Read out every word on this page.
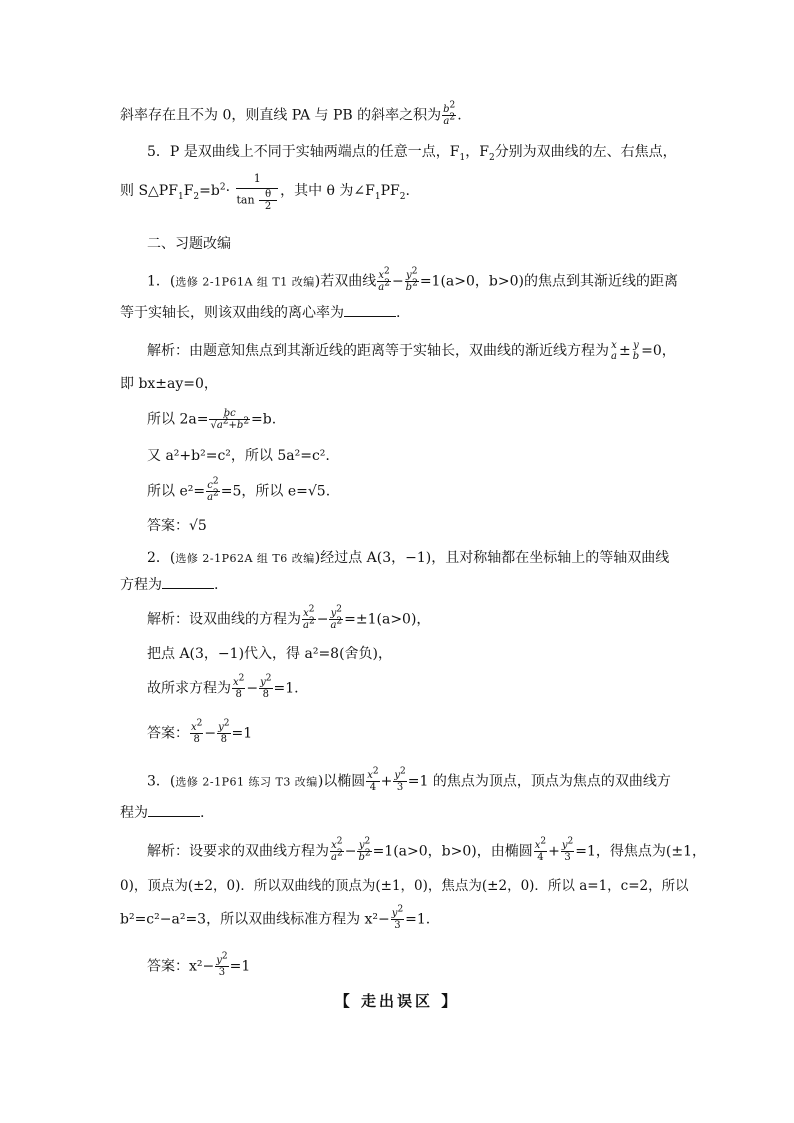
斜率存在且不为 0，则直线 PA 与 PB 的斜率之积为 $\frac{b^2}{a^2}$ .
5．P 是双曲线上不同于实轴两端点的任意一点，$F_1$，$F_2$分别为双曲线的左、右焦点，
则 $S\triangle PF_1F_2=b^2\cdot \frac{1}{\tan \frac{\theta}{2}}$ ，其中 θ 为$\angle F_1PF_2$.
二、习题改编
1．(选修 2-1P61A 组 T1 改编)若双曲线 $\frac{x^2}{a^2} - \frac{y^2}{b^2} =1(a>0$，b>0)的焦点到其渐近线的距离
等于实轴长，则该双曲线的离心率为	.
解析：由题意知焦点到其渐近线的距离等于实轴长，双曲线的渐近线方程为 x
a ± y
b =0，
即 bx±ay=0，
所以 $2a= \frac{bc}{√a^2+b^2} =b$.
又 a²+b²=c²，所以 5a²=c².
所以 $e^2= \frac{c^2}{a^2} =5$，所以 e=√5.
答案：√5
2．(选修 2-1P62A 组 T6 改编)经过点 A(3，−1)，且对称轴都在坐标轴上的等轴双曲线
方程为	.
解析：设双曲线的方程为 $\frac{x^2}{a^2} - \frac{y^2}{a^2} =\pm 1(a>0)$，
把点 A(3，−1)代入，得 a²=8(舍负)，
故所求方程为 $\frac{x^2}{8} - \frac{y^2}{8} =1$.
答案： $\frac{x^2}{8} - \frac{y^2}{8} =1$
3．(选修 2-1P61 练习 T3 改编)以椭圆 $\frac{x^2}{4} + \frac{y^2}{3} =1$ 的焦点为顶点，顶点为焦点的双曲线方
程为	.
解析：设要求的双曲线方程为 $\frac{x^2}{a^2} - \frac{y^2}{b^2} =1(a>0$，b>0)，由椭圆 $\frac{x^2}{4} + \frac{y^2}{3} =1$，得焦点为(±1，
0)，顶点为(±2，0)．所以双曲线的顶点为(±1，0)，焦点为(±2，0)．所以 a=1，c=2，所以
b²=c²−a²=3，所以双曲线标准方程为 $x^2- \frac{y^2}{3} =1$.
答案：$x^2- \frac{y^2}{3} =1$
【 走出误区 】
